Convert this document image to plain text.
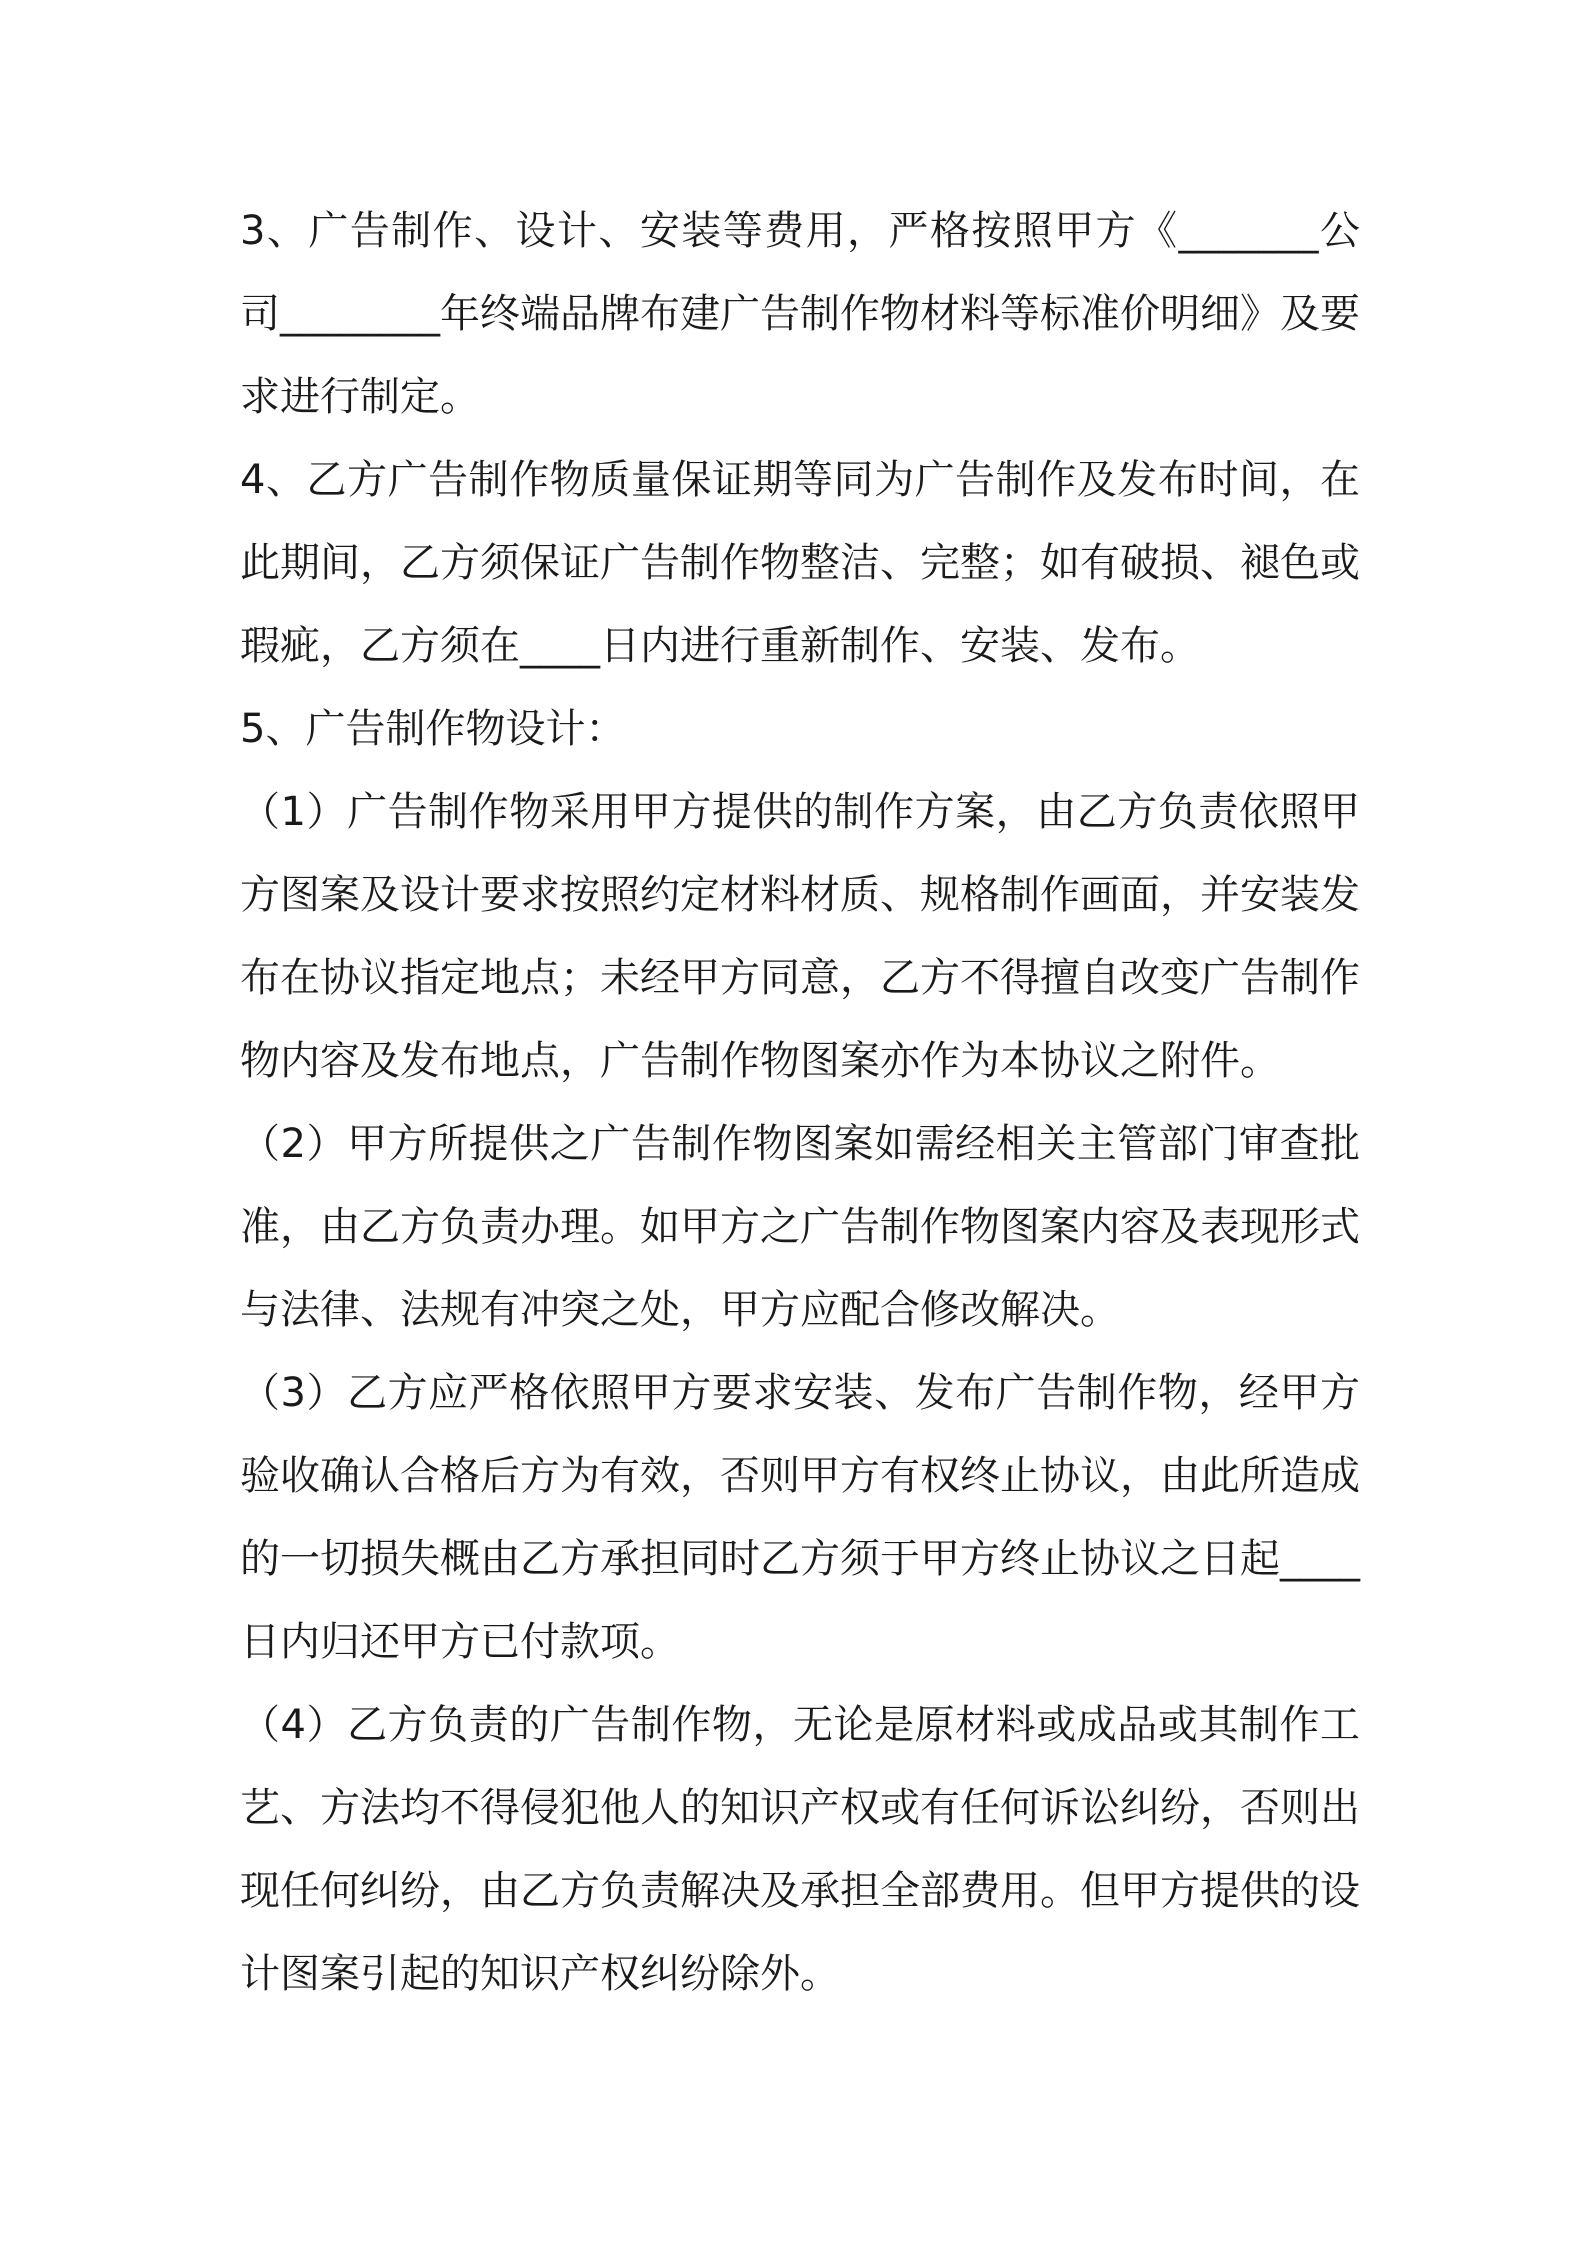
3、广告制作、设计、安装等费用，严格按照甲方《_______公司________年终端品牌布建广告制作物材料等标准价明细》及要求进行制定。

4、乙方广告制作物质量保证期等同为广告制作及发布时间，在此期间，乙方须保证广告制作物整洁、完整；如有破损、褪色或瑕疵，乙方须在____日内进行重新制作、安装、发布。

5、广告制作物设计：

（1）广告制作物采用甲方提供的制作方案，由乙方负责依照甲方图案及设计要求按照约定材料材质、规格制作画面，并安装发布在协议指定地点；未经甲方同意，乙方不得擅自改变广告制作物内容及发布地点，广告制作物图案亦作为本协议之附件。

（2）甲方所提供之广告制作物图案如需经相关主管部门审查批准，由乙方负责办理。如甲方之广告制作物图案内容及表现形式与法律、法规有冲突之处，甲方应配合修改解决。

（3）乙方应严格依照甲方要求安装、发布广告制作物，经甲方验收确认合格后方为有效，否则甲方有权终止协议，由此所造成的一切损失概由乙方承担同时乙方须于甲方终止协议之日起____日内归还甲方已付款项。

（4）乙方负责的广告制作物，无论是原材料或成品或其制作工艺、方法均不得侵犯他人的知识产权或有任何诉讼纠纷，否则出现任何纠纷，由乙方负责解决及承担全部费用。但甲方提供的设计图案引起的知识产权纠纷除外。
